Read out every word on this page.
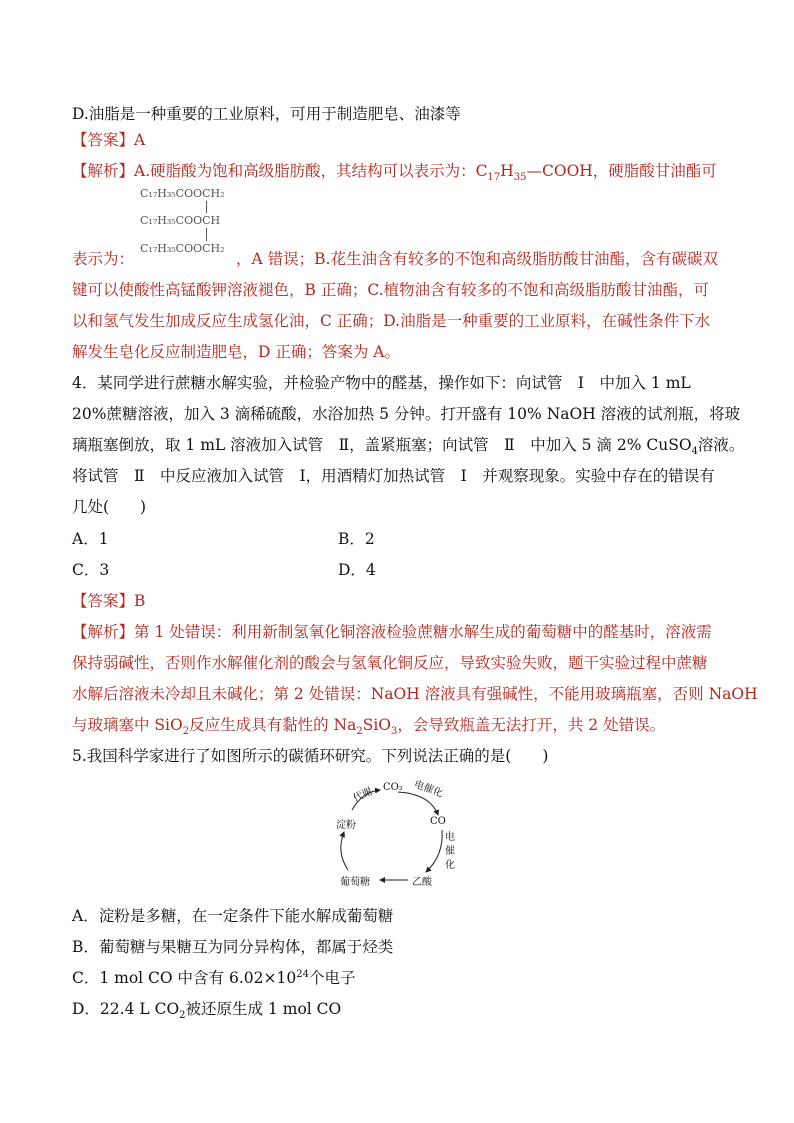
D.油脂是一种重要的工业原料，可用于制造肥皂、油漆等
【答案】A
【解析】A.硬脂酸为饱和高级脂肪酸，其结构可以表示为：$C_{17}H_{35}—COOH$，硬脂酸甘油酯可
C₁₇H₃₅COOCH₂
C₁₇H₃₅COOCH
C₁₇H₃₅COOCH₂
表示为：	，A 错误；B.花生油含有较多的不饱和高级脂肪酸甘油酯，含有碳碳双
键可以使酸性高锰酸钾溶液褪色，B 正确；C.植物油含有较多的不饱和高级脂肪酸甘油酯，可
以和氢气发生加成反应生成氢化油，C 正确；D.油脂是一种重要的工业原料，在碱性条件下水
解发生皂化反应制造肥皂，D 正确；答案为 A。
4．某同学进行蔗糖水解实验，并检验产物中的醛基，操作如下：向试管　Ⅰ　中加入 1 mL
20%蔗糖溶液，加入 3 滴稀硫酸，水浴加热 5 分钟。打开盛有 10% NaOH 溶液的试剂瓶，将玻
璃瓶塞倒放，取 1 mL 溶液加入试管　Ⅱ，盖紧瓶塞；向试管　Ⅱ　中加入 5 滴 2% CuSO$_4$溶液。
将试管　Ⅱ　中反应液加入试管　Ⅰ，用酒精灯加热试管　Ⅰ　并观察现象。实验中存在的错误有
几处(　　)
A．1	B．2
C．3	D．4
【答案】B
【解析】第 1 处错误：利用新制氢氧化铜溶液检验蔗糖水解生成的葡萄糖中的醛基时，溶液需
保持弱碱性，否则作水解催化剂的酸会与氢氧化铜反应，导致实验失败，题干实验过程中蔗糖
水解后溶液未冷却且未碱化；第 2 处错误：NaOH 溶液具有强碱性，不能用玻璃瓶塞，否则 NaOH
与玻璃塞中 SiO$_2$反应生成具有黏性的 $Na_2SiO_3$，会导致瓶盖无法打开，共 2 处错误。
5.我国科学家进行了如图所示的碳循环研究。下列说法正确的是(　　)
CO₂ 电催化
代谢
CO
电
催
化
淀粉
葡萄糖	乙酸
A．淀粉是多糖，在一定条件下能水解成葡萄糖
B．葡萄糖与果糖互为同分异构体，都属于烃类
C．1 mol CO 中含有 $6.02\times 10^{24}$个电子
D．22.4 L $CO_2$被还原生成 1 mol CO
